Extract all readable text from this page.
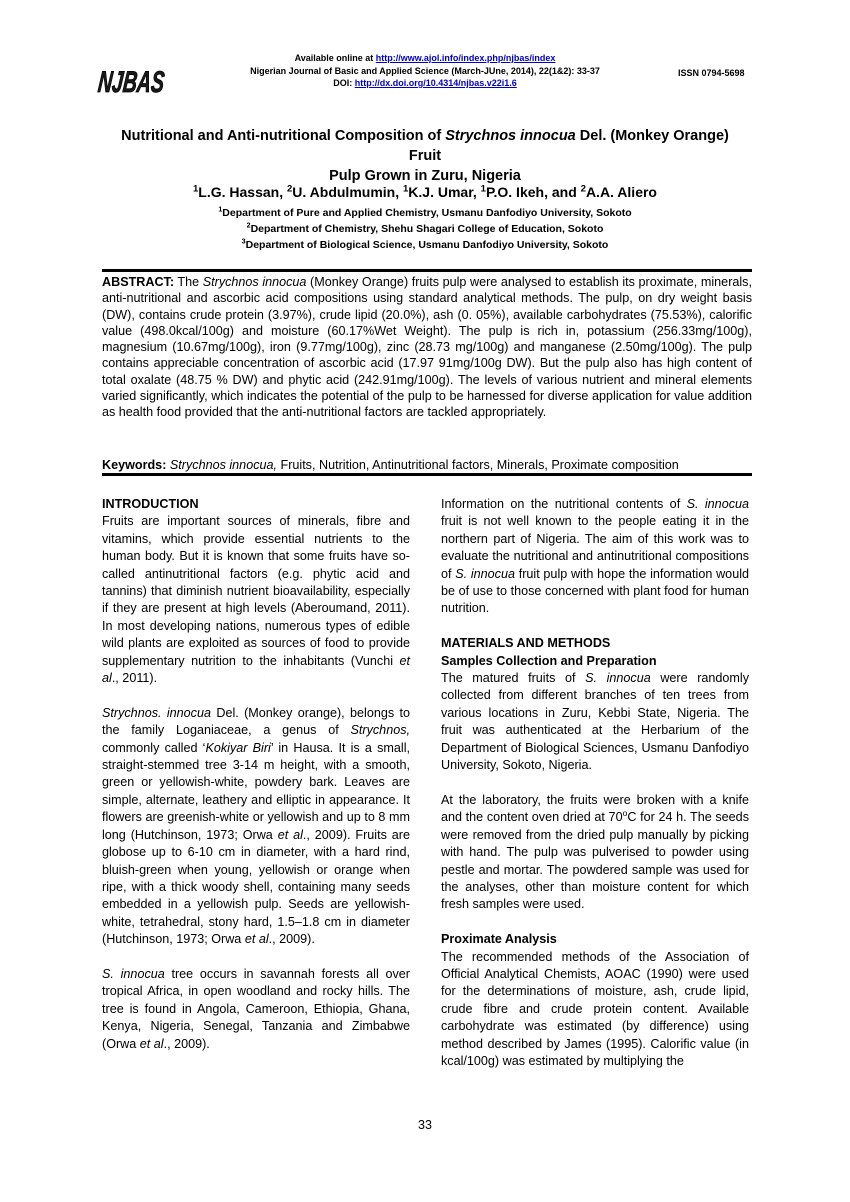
NJBAS
Available online at http://www.ajol.info/index.php/njbas/index
Nigerian Journal of Basic and Applied Science (March-JUne, 2014), 22(1&2): 33-37
DOI: http://dx.doi.org/10.4314/njbas.v22i1.6
ISSN 0794-5698
Nutritional and Anti-nutritional Composition of Strychnos innocua Del. (Monkey Orange) Fruit
Pulp Grown in Zuru, Nigeria
$^1$L.G. Hassan, $^2$U. Abdulmumin, $^1$K.J. Umar, $^1$P.O. Ikeh, and $^2$A.A. Aliero
$^1$Department of Pure and Applied Chemistry, Usmanu Danfodiyo University, Sokoto
$^2$Department of Chemistry, Shehu Shagari College of Education, Sokoto
$^3$Department of Biological Science, Usmanu Danfodiyo University, Sokoto
ABSTRACT: The Strychnos innocua (Monkey Orange) fruits pulp were analysed to establish its proximate, minerals, anti-nutritional and ascorbic acid compositions using standard analytical methods. The pulp, on dry weight basis (DW), contains crude protein (3.97%), crude lipid (20.0%), ash (0. 05%), available carbohydrates (75.53%), calorific value (498.0kcal/100g) and moisture (60.17%Wet Weight). The pulp is rich in, potassium (256.33mg/100g), magnesium (10.67mg/100g), iron (9.77mg/100g), zinc (28.73 mg/100g) and manganese (2.50mg/100g). The pulp contains appreciable concentration of ascorbic acid (17.97 91mg/100g DW). But the pulp also has high content of total oxalate (48.75 % DW) and phytic acid (242.91mg/100g). The levels of various nutrient and mineral elements varied significantly, which indicates the potential of the pulp to be harnessed for diverse application for value addition as health food provided that the anti-nutritional factors are tackled appropriately.
Keywords: Strychnos innocua, Fruits, Nutrition, Antinutritional factors, Minerals, Proximate composition

INTRODUCTION

Fruits are important sources of minerals, fibre and vitamins, which provide essential nutrients to the human body. But it is known that some fruits have so-called antinutritional factors (e.g. phytic acid and tannins) that diminish nutrient bioavailability, especially if they are present at high levels (Aberoumand, 2011). In most developing nations, numerous types of edible wild plants are exploited as sources of food to provide supplementary nutrition to the inhabitants (Vunchi et al., 2011).

Strychnos. innocua Del. (Monkey orange), belongs to the family Loganiaceae, a genus of Strychnos, commonly called ‘Kokiyar Biri’ in Hausa. It is a small, straight-stemmed tree 3-14 m height, with a smooth, green or yellowish-white, powdery bark. Leaves are simple, alternate, leathery and elliptic in appearance. It flowers are greenish-white or yellowish and up to 8 mm long (Hutchinson, 1973; Orwa et al., 2009). Fruits are globose up to 6-10 cm in diameter, with a hard rind, bluish-green when young, yellowish or orange when ripe, with a thick woody shell, containing many seeds embedded in a yellowish pulp. Seeds are yellowish-white, tetrahedral, stony hard, 1.5–1.8 cm in diameter (Hutchinson, 1973; Orwa et al., 2009).

S. innocua tree occurs in savannah forests all over tropical Africa, in open woodland and rocky hills. The tree is found in Angola, Cameroon, Ethiopia, Ghana, Kenya, Nigeria, Senegal, Tanzania and Zimbabwe (Orwa et al., 2009).

Information on the nutritional contents of S. innocua fruit is not well known to the people eating it in the northern part of Nigeria. The aim of this work was to evaluate the nutritional and antinutritional compositions of S. innocua fruit pulp with hope the information would be of use to those concerned with plant food for human nutrition.

MATERIALS AND METHODS

Samples Collection and Preparation

The matured fruits of S. innocua were randomly collected from different branches of ten trees from various locations in Zuru, Kebbi State, Nigeria. The fruit was authenticated at the Herbarium of the Department of Biological Sciences, Usmanu Danfodiyo University, Sokoto, Nigeria.

At the laboratory, the fruits were broken with a knife and the content oven dried at 70$^o$C for 24 h. The seeds were removed from the dried pulp manually by picking with hand. The pulp was pulverised to powder using pestle and mortar. The powdered sample was used for the analyses, other than moisture content for which fresh samples were used.

Proximate Analysis

The recommended methods of the Association of Official Analytical Chemists, AOAC (1990) were used for the determinations of moisture, ash, crude lipid, crude fibre and crude protein content. Available carbohydrate was estimated (by difference) using method described by James (1995). Calorific value (in kcal/100g) was estimated by multiplying the

33
